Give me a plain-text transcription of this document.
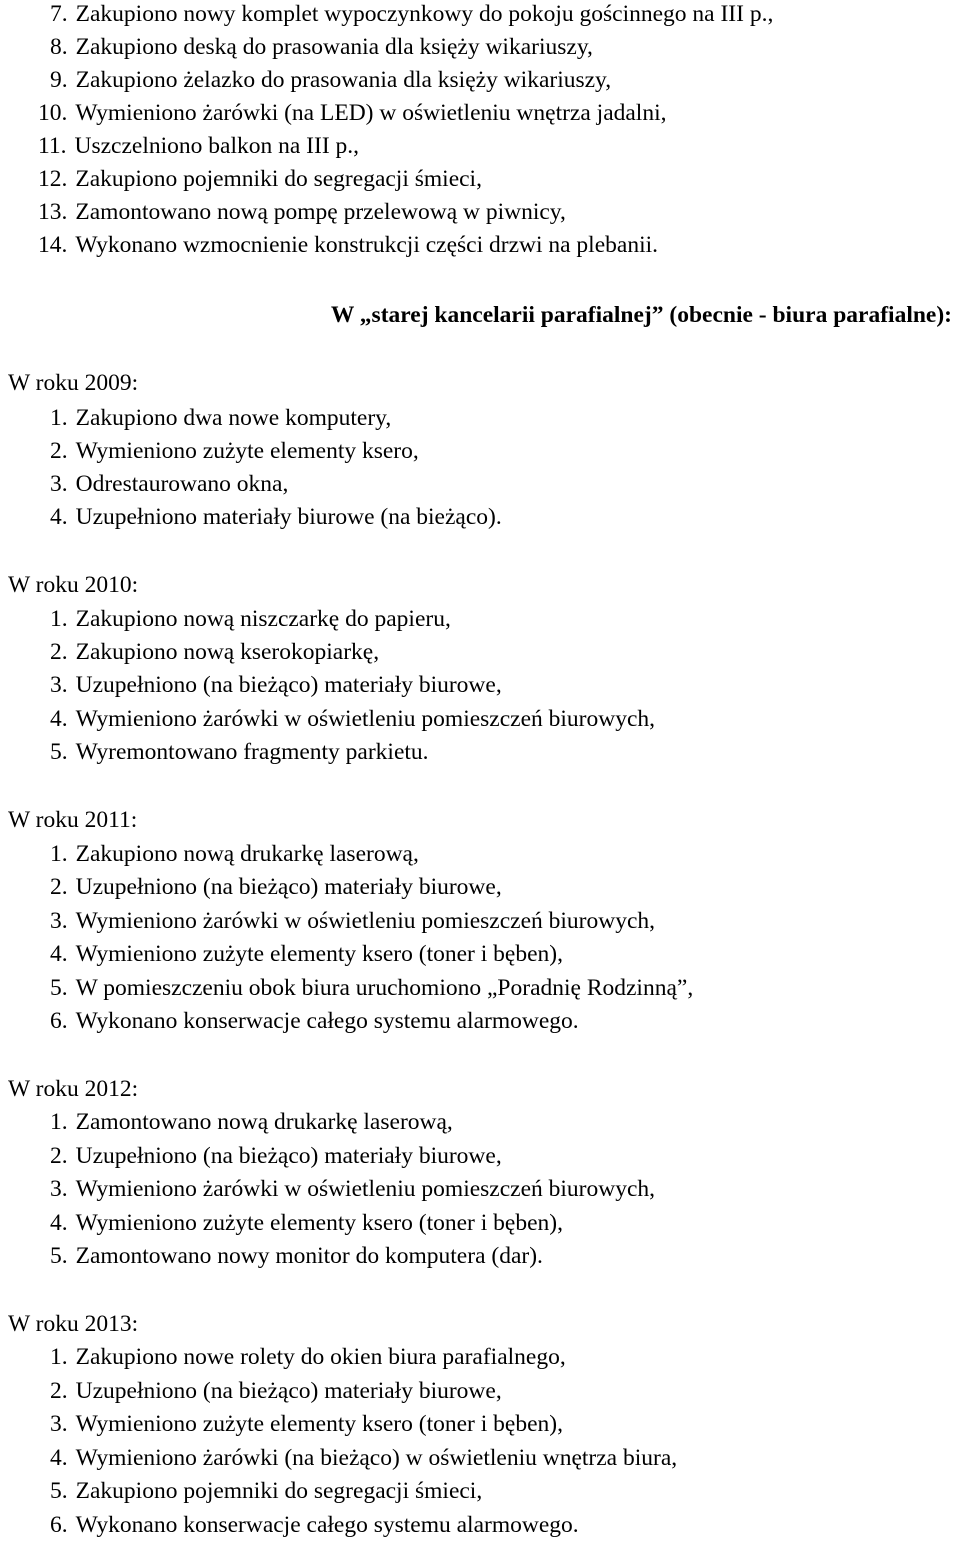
7. Zakupiono nowy komplet wypoczynkowy do pokoju gościnnego na III p.,
8. Zakupiono deską do prasowania dla księży wikariuszy,
9. Zakupiono żelazko do prasowania dla księży wikariuszy,
10. Wymieniono żarówki (na LED) w oświetleniu wnętrza jadalni,
11. Uszczelniono balkon na III p.,
12. Zakupiono pojemniki do segregacji śmieci,
13. Zamontowano nową pompę przelewową w piwnicy,
14. Wykonano wzmocnienie konstrukcji części drzwi na plebanii.
W „starej kancelarii parafialnej” (obecnie - biura parafialne):
W roku 2009:
1. Zakupiono dwa nowe komputery,
2. Wymieniono zużyte elementy ksero,
3. Odrestaurowano okna,
4. Uzupełniono materiały biurowe (na bieżąco).
W roku 2010:
1. Zakupiono nową niszczarkę do papieru,
2. Zakupiono nową kserokopiarkę,
3. Uzupełniono (na bieżąco) materiały biurowe,
4. Wymieniono żarówki w oświetleniu pomieszczeń biurowych,
5. Wyremontowano fragmenty parkietu.
W roku 2011:
1. Zakupiono nową drukarkę laserową,
2. Uzupełniono (na bieżąco) materiały biurowe,
3. Wymieniono żarówki w oświetleniu pomieszczeń biurowych,
4. Wymieniono zużyte elementy ksero (toner i bęben),
5. W pomieszczeniu obok biura uruchomiono „Poradnię Rodzinną”,
6. Wykonano konserwacje całego systemu alarmowego.
W roku 2012:
1. Zamontowano nową drukarkę laserową,
2. Uzupełniono (na bieżąco) materiały biurowe,
3. Wymieniono żarówki w oświetleniu pomieszczeń biurowych,
4. Wymieniono zużyte elementy ksero (toner i bęben),
5. Zamontowano nowy monitor do komputera (dar).
W roku 2013:
1. Zakupiono nowe rolety do okien biura parafialnego,
2. Uzupełniono (na bieżąco) materiały biurowe,
3. Wymieniono zużyte elementy ksero (toner i bęben),
4. Wymieniono żarówki (na bieżąco) w oświetleniu wnętrza biura,
5. Zakupiono pojemniki do segregacji śmieci,
6. Wykonano konserwacje całego systemu alarmowego.
